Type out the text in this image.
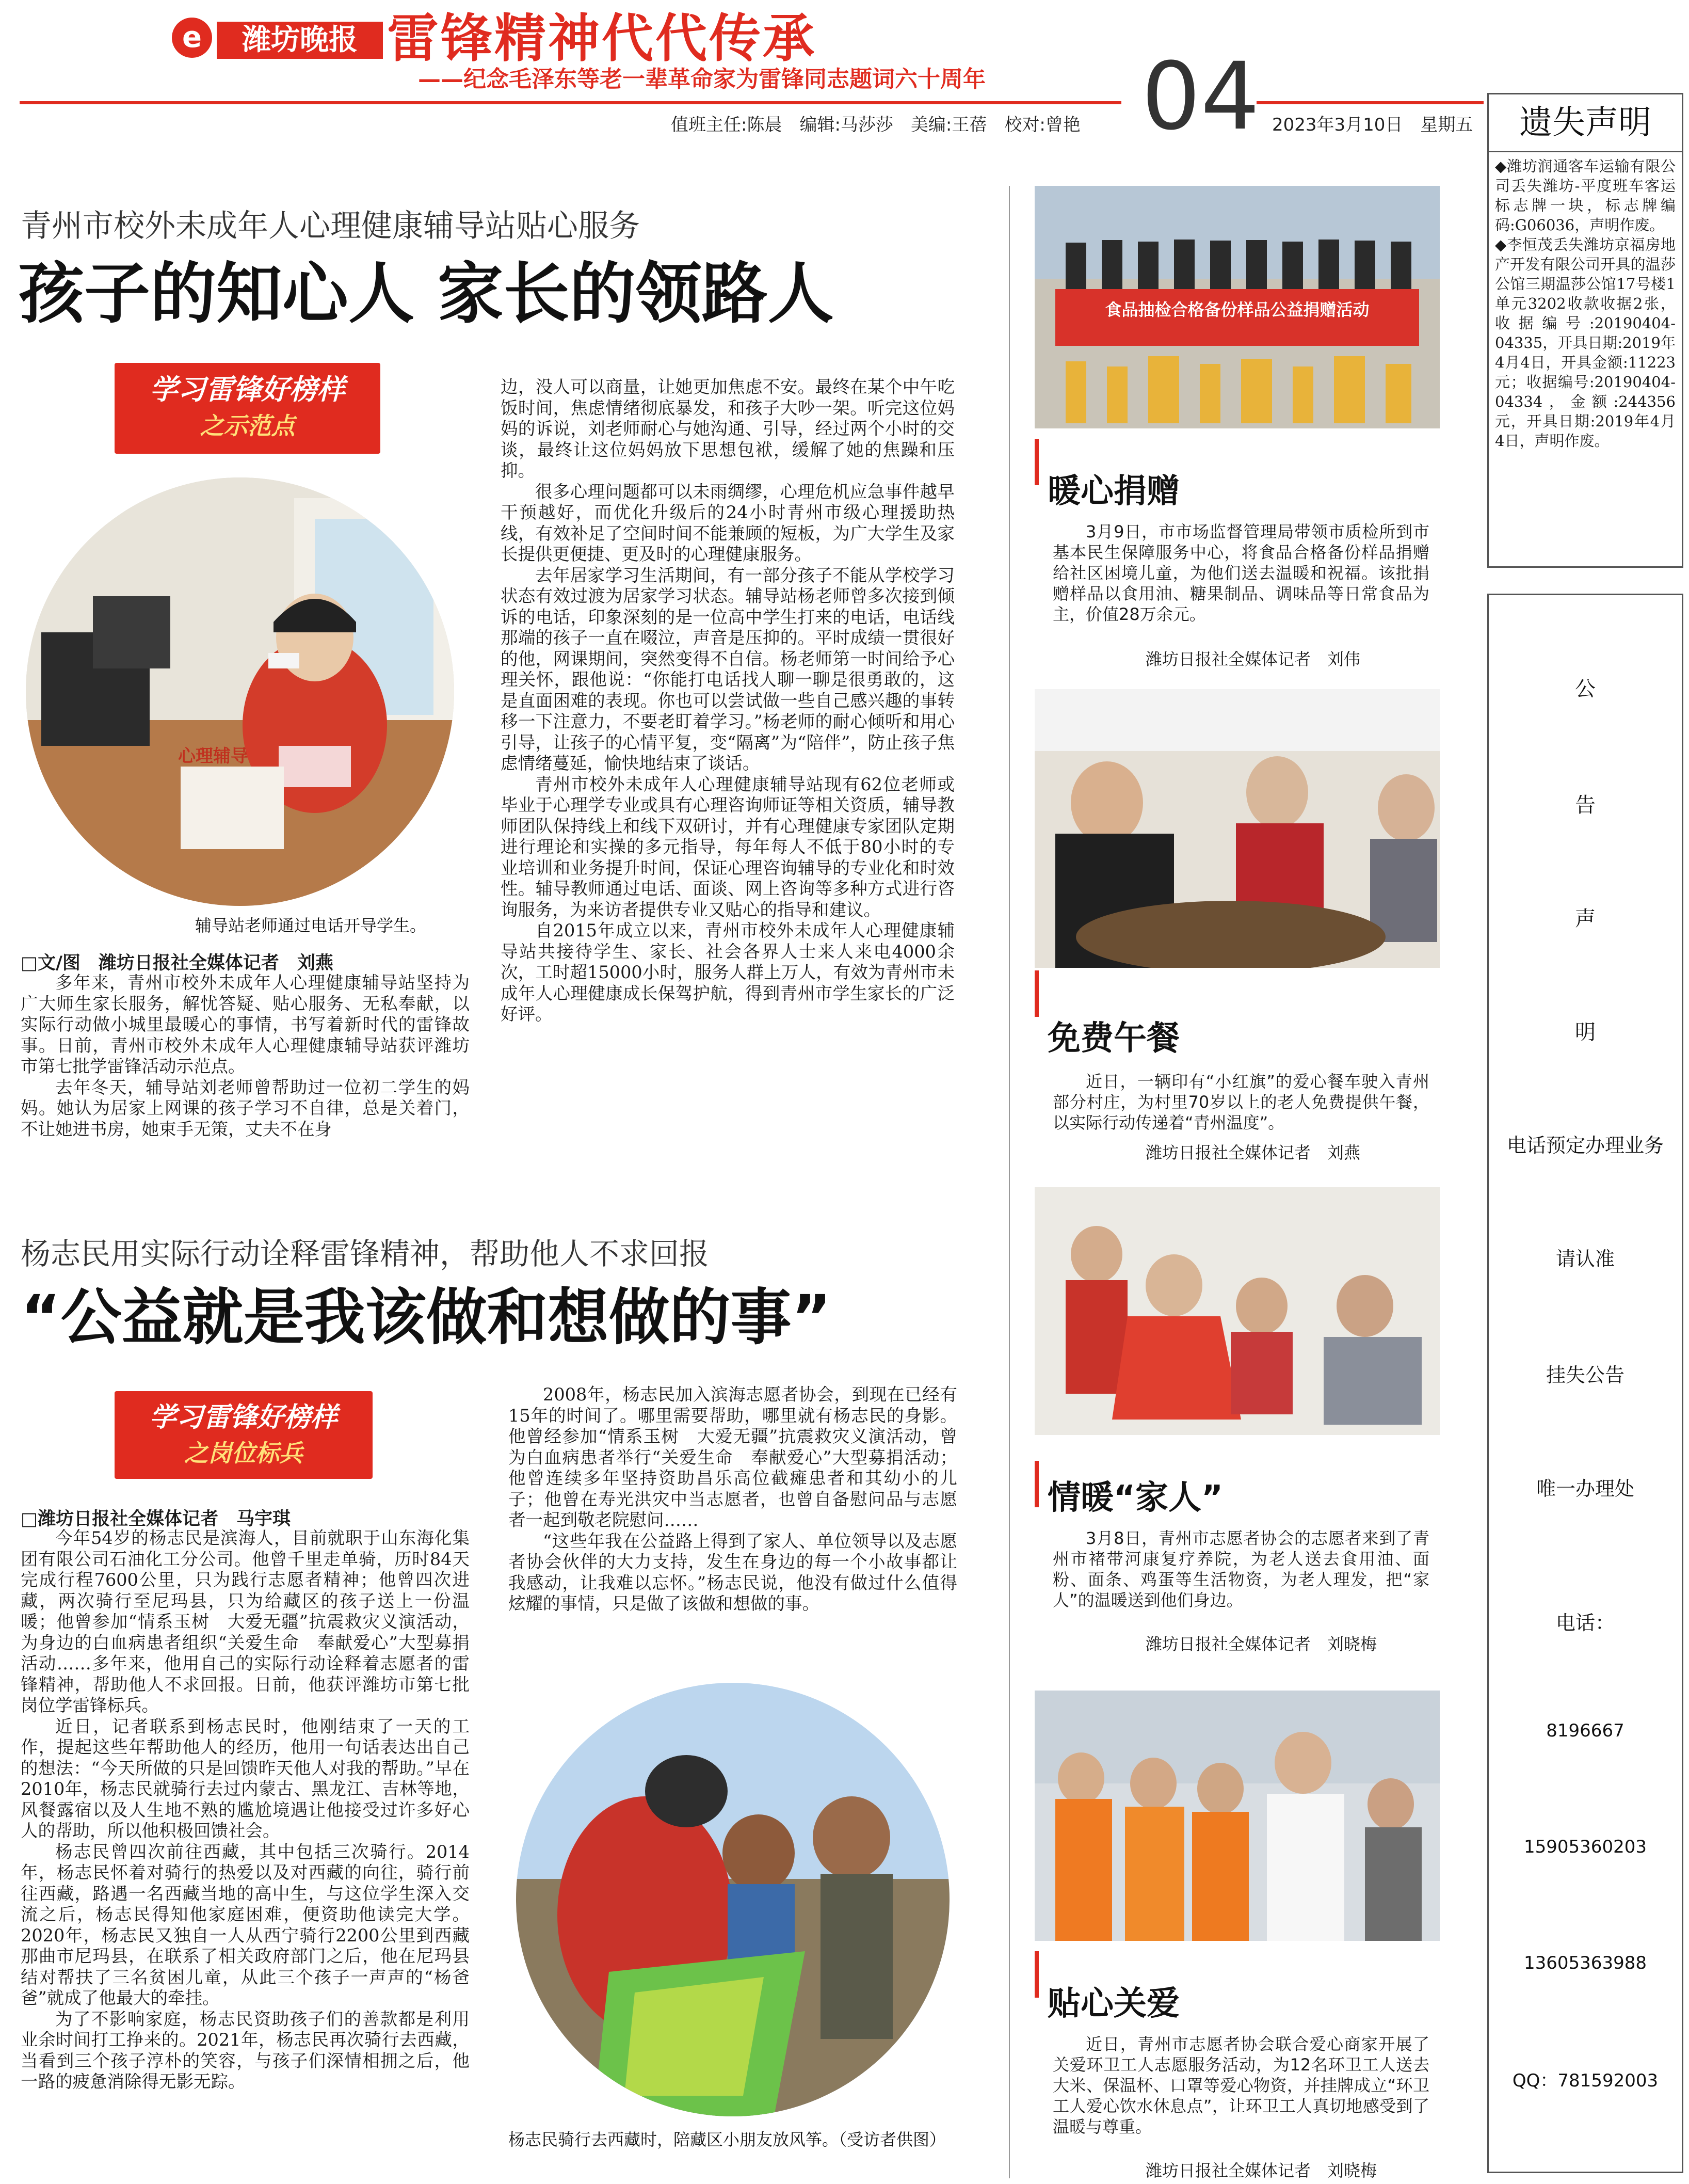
e	潍坊晚报 雷锋精神代代传承
——纪念毛泽东等老一辈革命家为雷锋同志题词六十周年 04
值班主任:陈晨　编辑:马莎莎　美编:王蓓　校对:曾艳	2023年3月10日　星期五
青州市校外未成年人心理健康辅导站贴心服务
孩子的知心人 家长的领路人
学习雷锋好榜样
之示范点
心理辅导
辅导站老师通过电话开导学生。
□文/图　潍坊日报社全媒体记者　刘燕

多年来，青州市校外未成年人心理健康辅导站坚持为广大师生家长服务，解忧答疑、贴心服务、无私奉献，以实际行动做小城里最暖心的事情，书写着新时代的雷锋故事。日前，青州市校外未成年人心理健康辅导站获评潍坊市第七批学雷锋活动示范点。

去年冬天，辅导站刘老师曾帮助过一位初二学生的妈妈。她认为居家上网课的孩子学习不自律，总是关着门，不让她进书房，她束手无策，丈夫不在身

边，没人可以商量，让她更加焦虑不安。最终在某个中午吃饭时间，焦虑情绪彻底暴发，和孩子大吵一架。听完这位妈妈的诉说，刘老师耐心与她沟通、引导，经过两个小时的交谈，最终让这位妈妈放下思想包袱，缓解了她的焦躁和压抑。

很多心理问题都可以未雨绸缪，心理危机应急事件越早干预越好，而优化升级后的24小时青州市级心理援助热线，有效补足了空间时间不能兼顾的短板，为广大学生及家长提供更便捷、更及时的心理健康服务。

去年居家学习生活期间，有一部分孩子不能从学校学习状态有效过渡为居家学习状态。辅导站杨老师曾多次接到倾诉的电话，印象深刻的是一位高中学生打来的电话，电话线那端的孩子一直在啜泣，声音是压抑的。平时成绩一贯很好的他，网课期间，突然变得不自信。杨老师第一时间给予心理关怀，跟他说：“你能打电话找人聊一聊是很勇敢的，这是直面困难的表现。你也可以尝试做一些自己感兴趣的事转移一下注意力，不要老盯着学习。”杨老师的耐心倾听和用心引导，让孩子的心情平复，变“隔离”为“陪伴”，防止孩子焦虑情绪蔓延，愉快地结束了谈话。

青州市校外未成年人心理健康辅导站现有62位老师或毕业于心理学专业或具有心理咨询师证等相关资质，辅导教师团队保持线上和线下双研讨，并有心理健康专家团队定期进行理论和实操的多元指导，每年每人不低于80小时的专业培训和业务提升时间，保证心理咨询辅导的专业化和时效性。辅导教师通过电话、面谈、网上咨询等多种方式进行咨询服务，为来访者提供专业又贴心的指导和建议。

自2015年成立以来，青州市校外未成年人心理健康辅导站共接待学生、家长、社会各界人士来人来电4000余次，工时超15000小时，服务人群上万人，有效为青州市未成年人心理健康成长保驾护航，得到青州市学生家长的广泛好评。

杨志民用实际行动诠释雷锋精神，帮助他人不求回报
“公益就是我该做和想做的事”
学习雷锋好榜样
之岗位标兵
□潍坊日报社全媒体记者　马宇琪

今年54岁的杨志民是滨海人，目前就职于山东海化集团有限公司石油化工分公司。他曾千里走单骑，历时84天完成行程7600公里，只为践行志愿者精神；他曾四次进藏，两次骑行至尼玛县，只为给藏区的孩子送上一份温暖；他曾参加“情系玉树　大爱无疆”抗震救灾义演活动，为身边的白血病患者组织“关爱生命　奉献爱心”大型募捐活动……多年来，他用自己的实际行动诠释着志愿者的雷锋精神，帮助他人不求回报。日前，他获评潍坊市第七批岗位学雷锋标兵。

近日，记者联系到杨志民时，他刚结束了一天的工作，提起这些年帮助他人的经历，他用一句话表达出自己的想法：“今天所做的只是回馈昨天他人对我的帮助。”早在2010年，杨志民就骑行去过内蒙古、黑龙江、吉林等地，风餐露宿以及人生地不熟的尴尬境遇让他接受过许多好心人的帮助，所以他积极回馈社会。

杨志民曾四次前往西藏，其中包括三次骑行。2014年，杨志民怀着对骑行的热爱以及对西藏的向往，骑行前往西藏，路遇一名西藏当地的高中生，与这位学生深入交流之后，杨志民得知他家庭困难，便资助他读完大学。2020年，杨志民又独自一人从西宁骑行2200公里到西藏那曲市尼玛县，在联系了相关政府部门之后，他在尼玛县结对帮扶了三名贫困儿童，从此三个孩子一声声的“杨爸爸”就成了他最大的牵挂。

为了不影响家庭，杨志民资助孩子们的善款都是利用业余时间打工挣来的。2021年，杨志民再次骑行去西藏，当看到三个孩子淳朴的笑容，与孩子们深情相拥之后，他一路的疲惫消除得无影无踪。

2008年，杨志民加入滨海志愿者协会，到现在已经有15年的时间了。哪里需要帮助，哪里就有杨志民的身影。他曾经参加“情系玉树　大爱无疆”抗震救灾义演活动，曾为白血病患者举行“关爱生命　奉献爱心”大型募捐活动；他曾连续多年坚持资助昌乐高位截瘫患者和其幼小的儿子；他曾在寿光洪灾中当志愿者，也曾自备慰问品与志愿者一起到敬老院慰问……

“这些年我在公益路上得到了家人、单位领导以及志愿者协会伙伴的大力支持，发生在身边的每一个小故事都让我感动，让我难以忘怀。”杨志民说，他没有做过什么值得炫耀的事情，只是做了该做和想做的事。

杨志民骑行去西藏时，陪藏区小朋友放风筝。（受访者供图）
食品抽检合格备份样品公益捐赠活动
暖心捐赠
3月9日，市市场监督管理局带领市质检所到市基本民生保障服务中心，将食品合格备份样品捐赠给社区困境儿童，为他们送去温暖和祝福。该批捐赠样品以食用油、糖果制品、调味品等日常食品为主，价值28万余元。
潍坊日报社全媒体记者　刘伟
免费午餐
近日，一辆印有“小红旗”的爱心餐车驶入青州部分村庄，为村里70岁以上的老人免费提供午餐，以实际行动传递着“青州温度”。
潍坊日报社全媒体记者　刘燕
情暖“家人”
3月8日，青州市志愿者协会的志愿者来到了青州市褚带河康复疗养院，为老人送去食用油、面粉、面条、鸡蛋等生活物资，为老人理发，把“家人”的温暖送到他们身边。
潍坊日报社全媒体记者　刘晓梅
贴心关爱
近日，青州市志愿者协会联合爱心商家开展了关爱环卫工人志愿服务活动，为12名环卫工人送去大米、保温杯、口罩等爱心物资，并挂牌成立“环卫工人爱心饮水休息点”，让环卫工人真切地感受到了温暖与尊重。
潍坊日报社全媒体记者　刘晓梅
遗失声明
◆潍坊润通客车运输有限公司丢失潍坊-平度班车客运标志牌一块，标志牌编码:G06036，声明作废。
◆李恒茂丢失潍坊京福房地产开发有限公司开具的温莎公馆三期温莎公馆17号楼1单元3202收款收据2张，收据编号:20190404-04335，开具日期:2019年4月4日，开具金额:11223元；收据编号:20190404-04334，金额:244356元，开具日期:2019年4月4日，声明作废。
公
告
声
明
电话预定办理业务
请认准
挂失公告
唯一办理处
电话：
8196667
15905360203
13605363988
QQ：781592003
